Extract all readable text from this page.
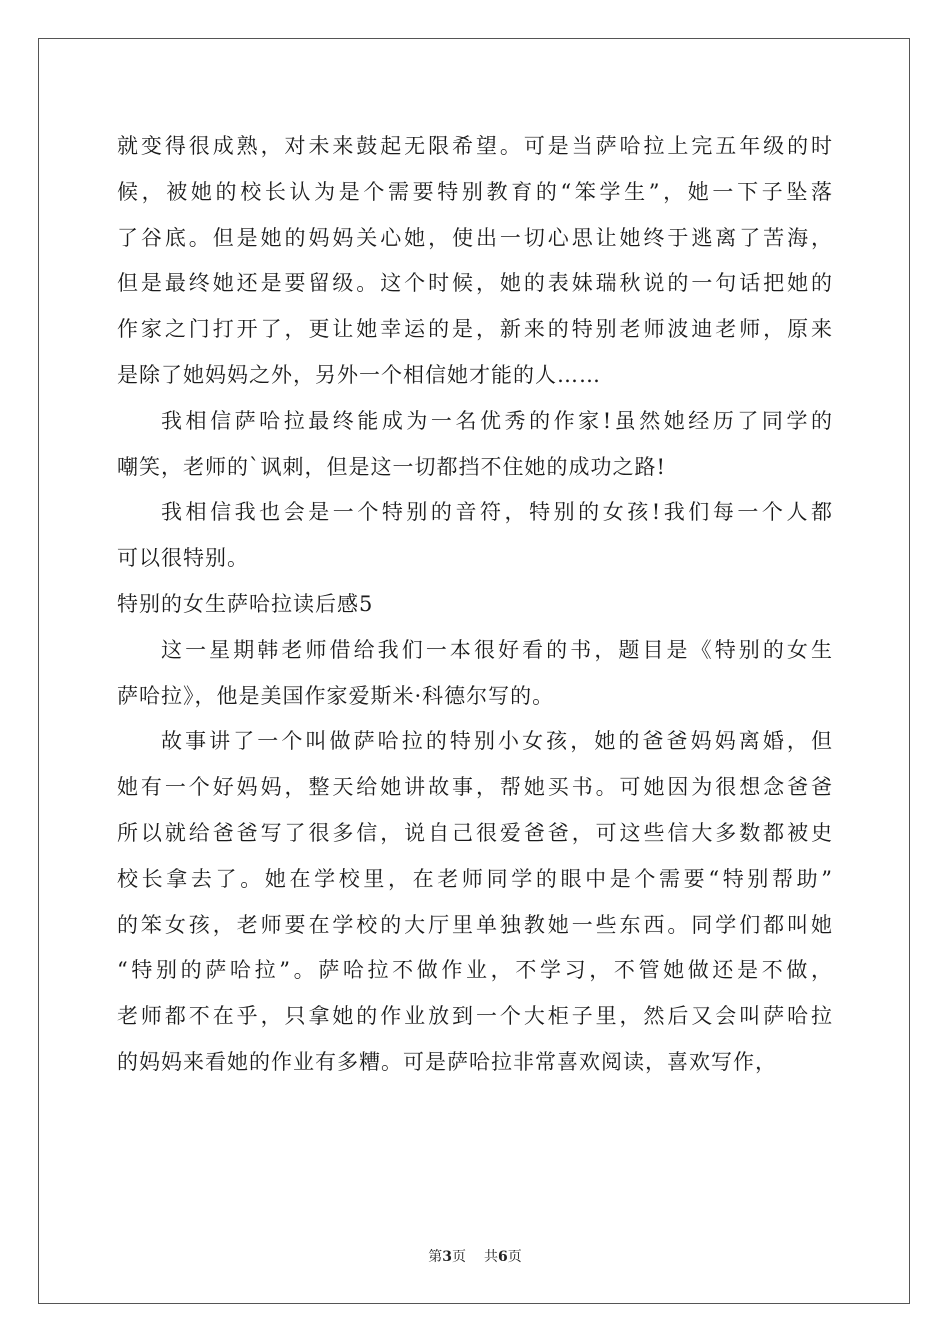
就变得很成熟，对未来鼓起无限希望。可是当萨哈拉上完五年级的时
候，被她的校长认为是个需要特别教育的“笨学生”，她一下子坠落
了谷底。但是她的妈妈关心她，使出一切心思让她终于逃离了苦海，
但是最终她还是要留级。这个时候，她的表妹瑞秋说的一句话把她的
作家之门打开了，更让她幸运的是，新来的特别老师波迪老师，原来
是除了她妈妈之外，另外一个相信她才能的人……
我相信萨哈拉最终能成为一名优秀的作家!虽然她经历了同学的
嘲笑，老师的`讽刺，但是这一切都挡不住她的成功之路!
我相信我也会是一个特别的音符，特别的女孩!我们每一个人都
可以很特别。
特别的女生萨哈拉读后感5
这一星期韩老师借给我们一本很好看的书，题目是《特别的女生
萨哈拉》，他是美国作家爱斯米·科德尔写的。
故事讲了一个叫做萨哈拉的特别小女孩，她的爸爸妈妈离婚，但
她有一个好妈妈，整天给她讲故事，帮她买书。可她因为很想念爸爸
所以就给爸爸写了很多信，说自己很爱爸爸，可这些信大多数都被史
校长拿去了。她在学校里，在老师同学的眼中是个需要“特别帮助”
的笨女孩，老师要在学校的大厅里单独教她一些东西。同学们都叫她
“特别的萨哈拉”。萨哈拉不做作业，不学习，不管她做还是不做，
老师都不在乎，只拿她的作业放到一个大柜子里，然后又会叫萨哈拉
的妈妈来看她的作业有多糟。可是萨哈拉非常喜欢阅读，喜欢写作，
第3页 共6页
